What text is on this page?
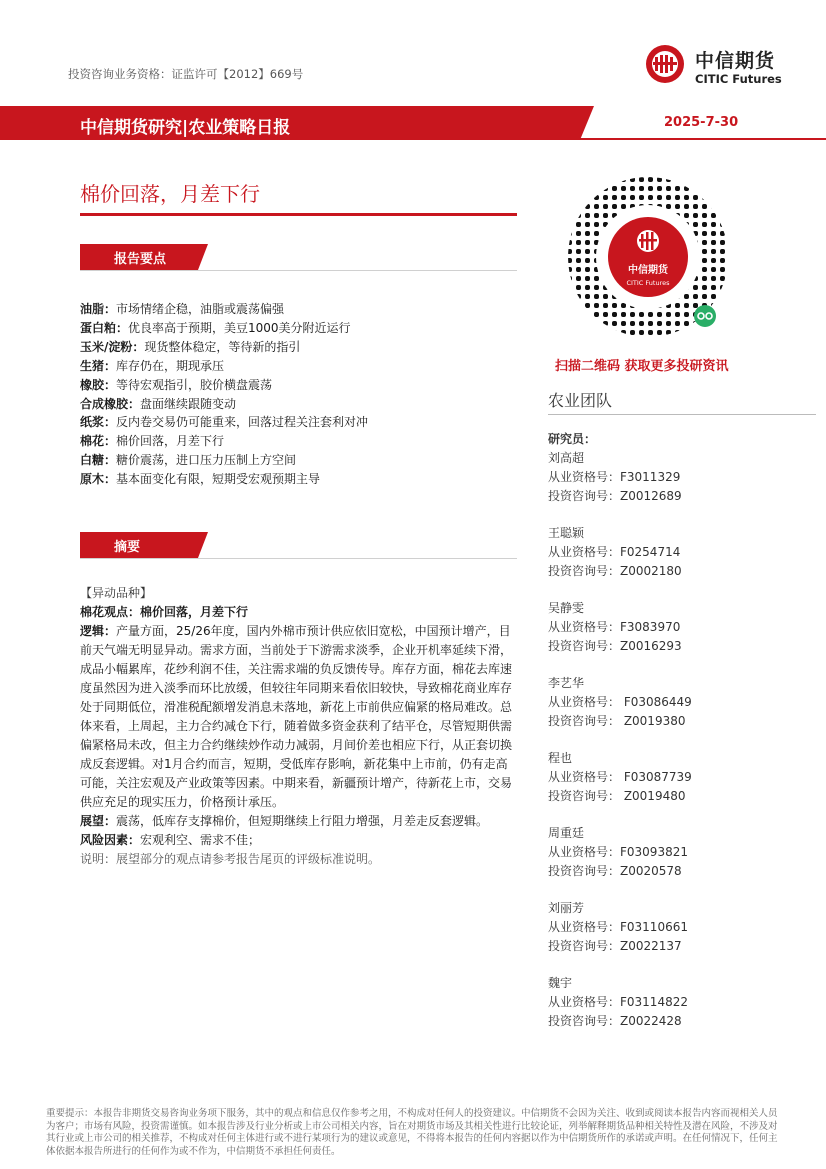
投资咨询业务资格：证监许可【2012】669号
中信期货
CITIC Futures
中信期货研究|农业策略日报	2025-7-30
棉价回落，月差下行
报告要点
油脂：市场情绪企稳，油脂或震荡偏强
蛋白粕：优良率高于预期，美豆1000美分附近运行
玉米/淀粉：现货整体稳定，等待新的指引
生猪：库存仍在，期现承压
橡胶：等待宏观指引，胶价横盘震荡
合成橡胶：盘面继续跟随变动
纸浆：反内卷交易仍可能重来，回落过程关注套利对冲
棉花：棉价回落，月差下行
白糖：糖价震荡，进口压力压制上方空间
原木：基本面变化有限，短期受宏观预期主导
摘要
【异动品种】
棉花观点：棉价回落，月差下行
逻辑：产量方面，25/26年度，国内外棉市预计供应依旧宽松，中国预计增产，目前天气端无明显异动。需求方面，当前处于下游需求淡季，企业开机率延续下滑，成品小幅累库，花纱利润不佳，关注需求端的负反馈传导。库存方面，棉花去库速度虽然因为进入淡季而环比放缓，但较往年同期来看依旧较快，导致棉花商业库存处于同期低位，滑准税配额增发消息未落地，新花上市前供应偏紧的格局难改。总体来看，上周起，主力合约减仓下行，随着做多资金获利了结平仓，尽管短期供需偏紧格局未改，但主力合约继续炒作动力减弱，月间价差也相应下行，从正套切换成反套逻辑。对1月合约而言，短期，受低库存影响，新花集中上市前，仍有走高可能，关注宏观及产业政策等因素。中期来看，新疆预计增产，待新花上市，交易供应充足的现实压力，价格预计承压。
展望：震荡，低库存支撑棉价，但短期继续上行阻力增强，月差走反套逻辑。
风险因素：宏观利空、需求不佳；
说明：展望部分的观点请参考报告尾页的评级标准说明。
中信期货
CITIC Futures
扫描二维码 获取更多投研资讯
农业团队
研究员：
刘高超
从业资格号：F3011329
投资咨询号：Z0012689
王聪颖
从业资格号：F0254714
投资咨询号：Z0002180
吴静雯
从业资格号：F3083970
投资咨询号：Z0016293
李艺华
从业资格号： F03086449
投资咨询号： Z0019380
程也
从业资格号： F03087739
投资咨询号： Z0019480
周重廷
从业资格号：F03093821
投资咨询号：Z0020578
刘丽芳
从业资格号：F03110661
投资咨询号：Z0022137
魏宇
从业资格号：F03114822
投资咨询号：Z0022428
重要提示：本报告非期货交易咨询业务项下服务，其中的观点和信息仅作参考之用，不构成对任何人的投资建议。中信期货不会因为关注、收到或阅读本报告内容而视相关人员为客户；市场有风险，投资需谨慎。如本报告涉及行业分析或上市公司相关内容，旨在对期货市场及其相关性进行比较论证，列举解释期货品种相关特性及潜在风险，不涉及对其行业或上市公司的相关推荐，不构成对任何主体进行或不进行某项行为的建议或意见，不得将本报告的任何内容据以作为中信期货所作的承诺或声明。在任何情况下，任何主体依据本报告所进行的任何作为或不作为，中信期货不承担任何责任。
